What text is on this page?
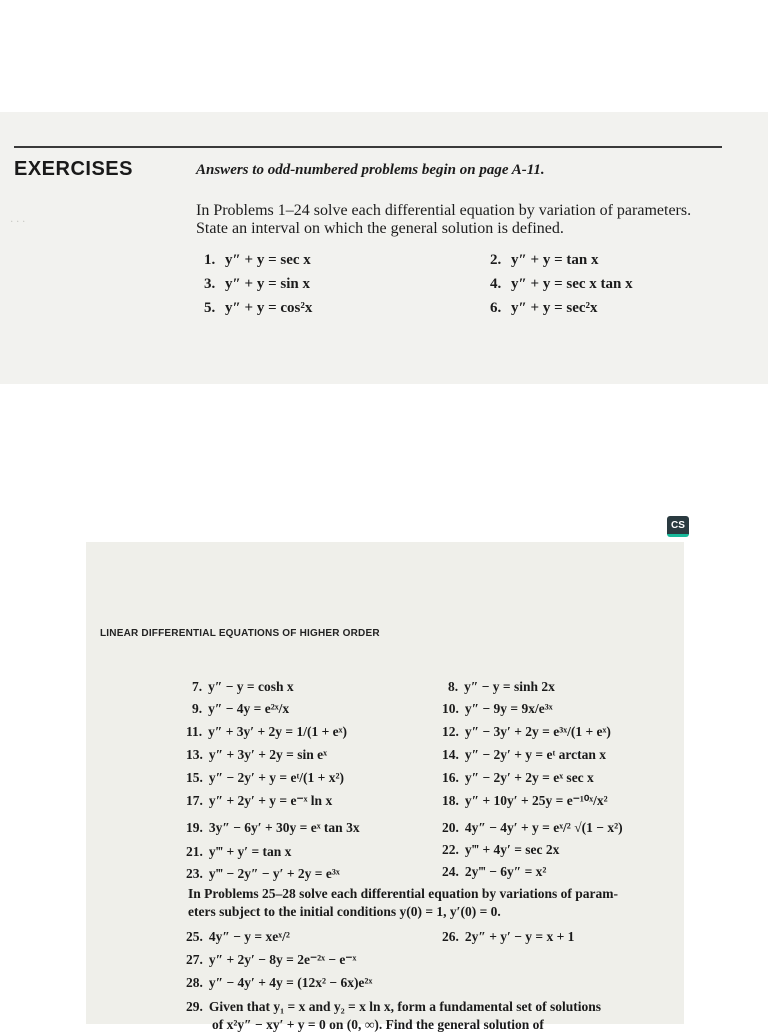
· · ·
EXERCISES	Answers to odd-numbered problems begin on page A-11.
In Problems 1–24 solve each differential equation by variation of parameters.
State an interval on which the general solution is defined.
1. y″ + y = sec x	2. y″ + y = tan x
3. y″ + y = sin x	4. y″ + y = sec x tan x
5. y″ + y = cos²x	6. y″ + y = sec²x
CS
LINEAR DIFFERENTIAL EQUATIONS OF HIGHER ORDER
7. y″ − y = cosh x	8. y″ − y = sinh 2x
9. y″ − 4y = e²ˣ/x	10. y″ − 9y = 9x/e³ˣ
11. y″ + 3y′ + 2y = 1/(1 + eˣ)	12. y″ − 3y′ + 2y = e³ˣ/(1 + eˣ)
13. y″ + 3y′ + 2y = sin eˣ	14. y″ − 2y′ + y = eᵗ arctan x
15. y″ − 2y′ + y = eᵗ/(1 + x²)	16. y″ − 2y′ + 2y = eˣ sec x
17. y″ + 2y′ + y = e⁻ˣ ln x	18. y″ + 10y′ + 25y = e⁻¹⁰ˣ/x²
19. 3y″ − 6y′ + 30y = eˣ tan 3x	20. 4y″ − 4y′ + y = eˣ/² √(1 − x²)
21. y‴ + y′ = tan x	22. y‴ + 4y′ = sec 2x
23. y‴ − 2y″ − y′ + 2y = e³ˣ	24. 2y‴ − 6y″ = x²
In Problems 25–28 solve each differential equation by variations of param-
eters subject to the initial conditions y(0) = 1, y′(0) = 0.
25. 4y″ − y = xeˣ/²	26. 2y″ + y′ − y = x + 1
27. y″ + 2y′ − 8y = 2e⁻²ˣ − e⁻ˣ
28. y″ − 4y′ + 4y = (12x² − 6x)e²ˣ
29. Given that y₁ = x and y₂ = x ln x, form a fundamental set of solutions
of x²y″ − xy′ + y = 0 on (0, ∞). Find the general solution of
